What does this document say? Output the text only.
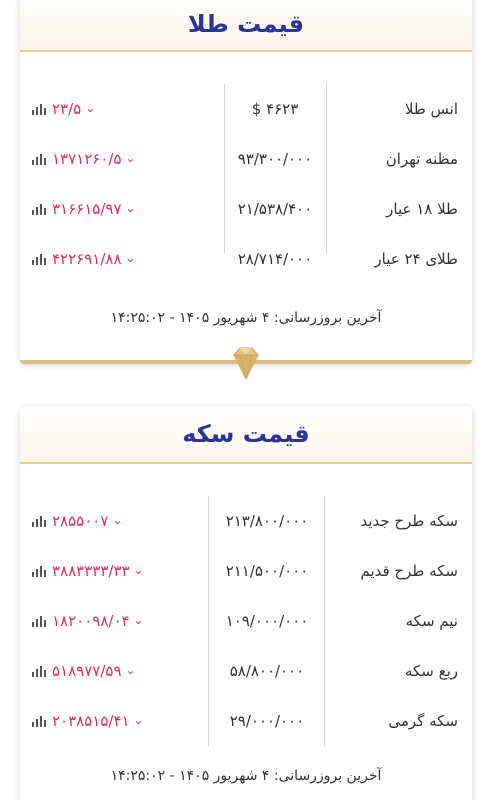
قیمت طلا
انس طلا
$ ۴۶۲۳
۲۳/۵ ⌄
مظنه تهران
۹۳/۳۰۰/۰۰۰
۱۳۷۱۲۶۰/۵ ⌄
طلا ۱۸ عیار
۲۱/۵۳۸/۴۰۰
۳۱۶۶۱۵/۹۷ ⌄
طلای ۲۴ عیار
۲۸/۷۱۴/۰۰۰
۴۲۲۶۹۱/۸۸ ⌄
آخرین بروزرسانی: ۴ شهریور ۱۴۰۵ - ۱۴:۲۵:۰۲
قیمت سکه
سکه طرح جدید
۲۱۳/۸۰۰/۰۰۰
۲۸۵۵۰۰۷ ⌄
سکه طرح قدیم
۲۱۱/۵۰۰/۰۰۰
۳۸۸۳۳۳۳/۳۳ ⌄
نیم سکه
۱۰۹/۰۰۰/۰۰۰
۱۸۲۰۰۹۸/۰۴ ⌄
ربع سکه
۵۸/۸۰۰/۰۰۰
۵۱۸۹۷۷/۵۹ ⌄
سکه گرمی
۲۹/۰۰۰/۰۰۰
۲۰۳۸۵۱۵/۴۱ ⌄
آخرین بروزرسانی: ۴ شهریور ۱۴۰۵ - ۱۴:۲۵:۰۲
